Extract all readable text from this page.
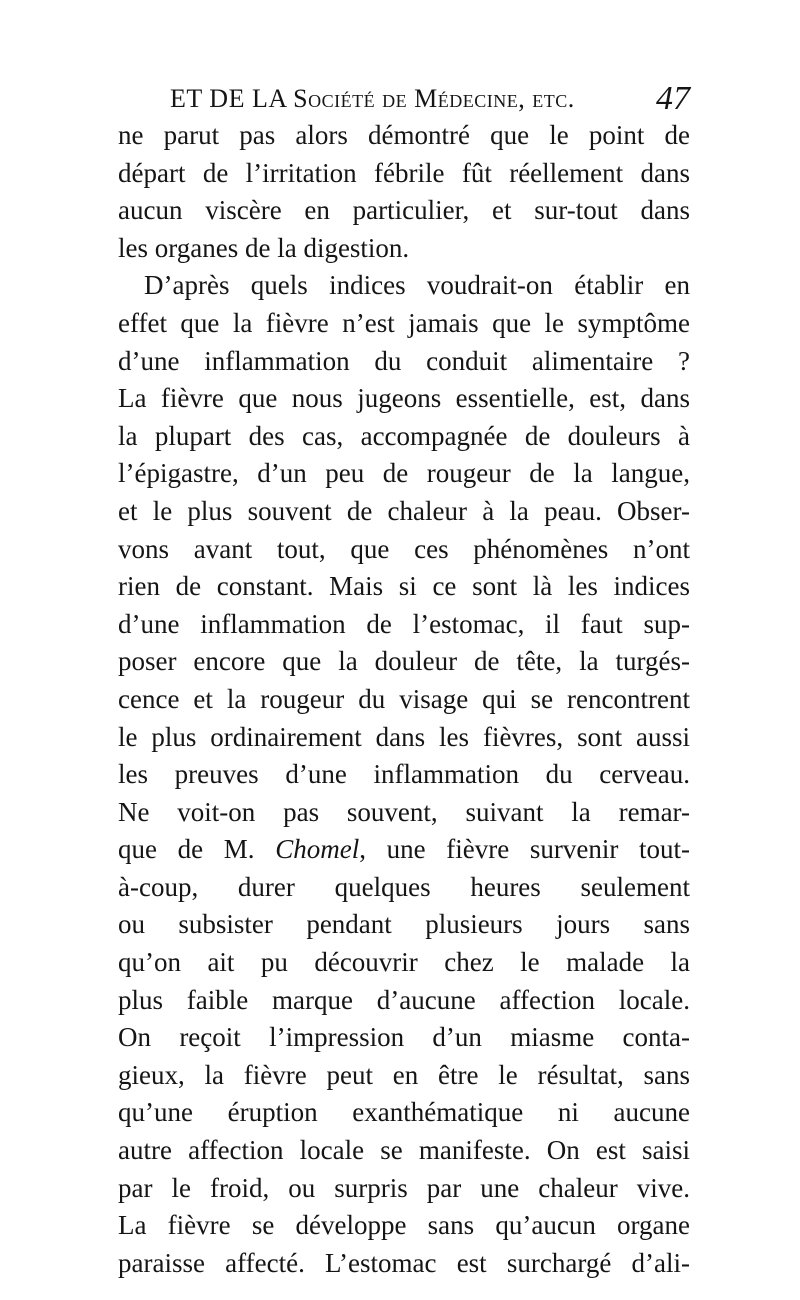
ET DE LA Société de Médecine, etc. 47
ne parut pas alors démontré que le point de
départ de l’irritation fébrile fût réellement dans
aucun viscère en particulier, et sur-tout dans
les organes de la digestion.
D’après quels indices voudrait-on établir en
effet que la fièvre n’est jamais que le symptôme
d’une inflammation du conduit alimentaire ?
La fièvre que nous jugeons essentielle, est, dans
la plupart des cas, accompagnée de douleurs à
l’épigastre, d’un peu de rougeur de la langue,
et le plus souvent de chaleur à la peau. Obser-
vons avant tout, que ces phénomènes n’ont
rien de constant. Mais si ce sont là les indices
d’une inflammation de l’estomac, il faut sup-
poser encore que la douleur de tête, la turgés-
cence et la rougeur du visage qui se rencontrent
le plus ordinairement dans les fièvres, sont aussi
les preuves d’une inflammation du cerveau.
Ne voit-on pas souvent, suivant la remar-
que de M. Chomel, une fièvre survenir tout-
à-coup, durer quelques heures seulement
ou subsister pendant plusieurs jours sans
qu’on ait pu découvrir chez le malade la
plus faible marque d’aucune affection locale.
On reçoit l’impression d’un miasme conta-
gieux, la fièvre peut en être le résultat, sans
qu’une éruption exanthématique ni aucune
autre affection locale se manifeste. On est saisi
par le froid, ou surpris par une chaleur vive.
La fièvre se développe sans qu’aucun organe
paraisse affecté. L’estomac est surchargé d’ali-
